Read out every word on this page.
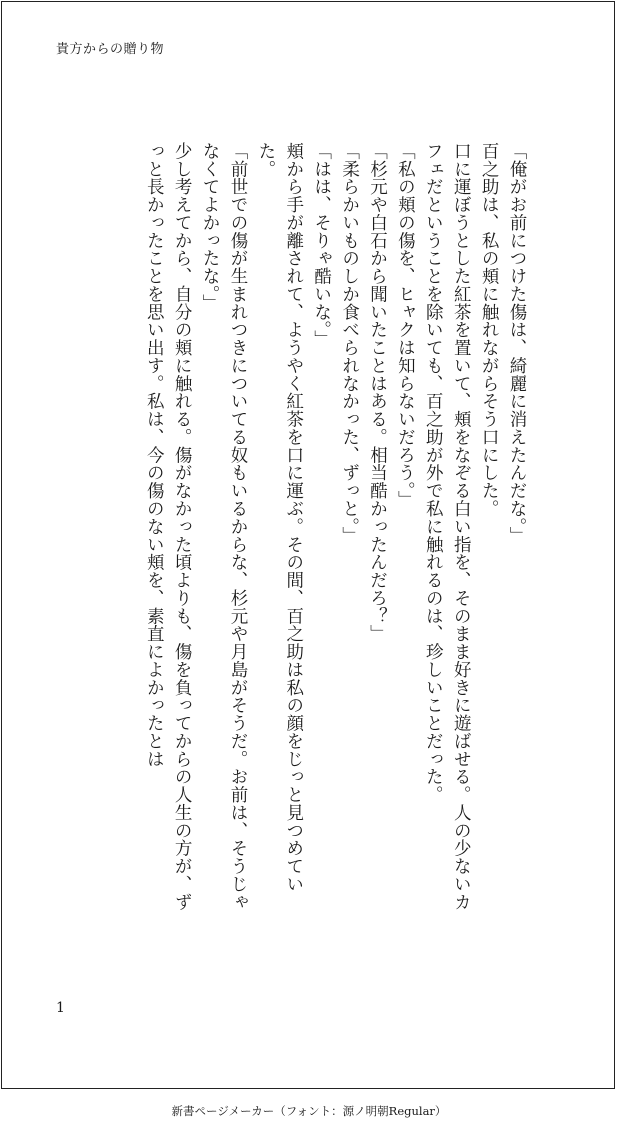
貴方からの贈り物

「俺がお前につけた傷は、綺麗に消えたんだな。」

百之助は、私の頬に触れながらそう口にした。

口に運ぼうとした紅茶を置いて、頬をなぞる白い指を、そのまま好きに遊ばせる。人の少ないカフェだということを除いても、百之助が外で私に触れるのは、珍しいことだった。

「私の頬の傷を、ヒャクは知らないだろう。」

「杉元や白石から聞いたことはある。相当酷かったんだろ？」

「柔らかいものしか食べられなかった、ずっと。」

「はは、そりゃ酷いな。」

頬から手が離されて、ようやく紅茶を口に運ぶ。その間、百之助は私の顔をじっと見つめていた。

「前世での傷が生まれつきについてる奴もいるからな、杉元や月島がそうだ。お前は、そうじゃなくてよかったな。」

少し考えてから、自分の頬に触れる。傷がなかった頃よりも、傷を負ってからの人生の方が、ずっと長かったことを思い出す。私は、今の傷のない頬を、素直によかったとは

1
新書ページメーカー（フォント：源ノ明朝Regular）
